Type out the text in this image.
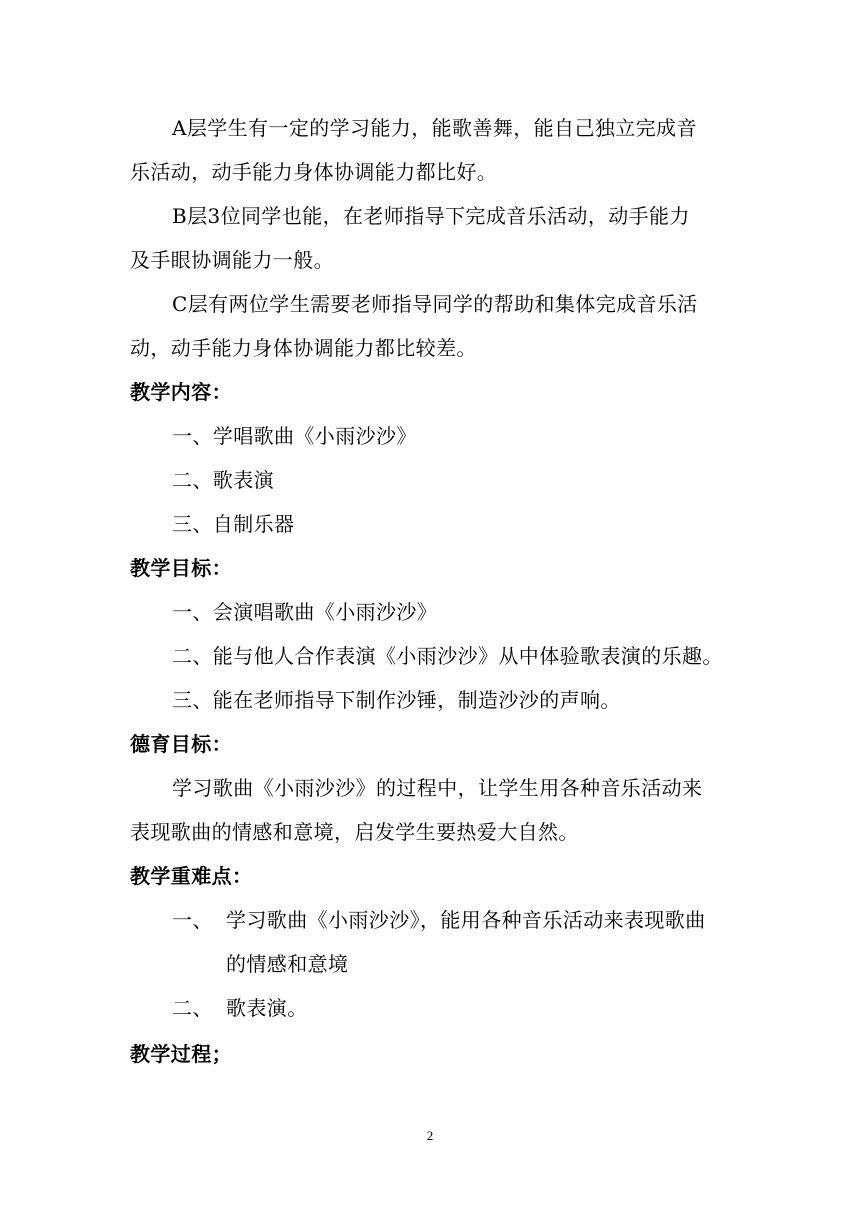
A层学生有一定的学习能力，能歌善舞，能自己独立完成音
乐活动，动手能力身体协调能力都比好。
B层3位同学也能，在老师指导下完成音乐活动，动手能力
及手眼协调能力一般。
C层有两位学生需要老师指导同学的帮助和集体完成音乐活
动，动手能力身体协调能力都比较差。
教学内容：
一、学唱歌曲《小雨沙沙》
二、歌表演
三、自制乐器
教学目标：
一、会演唱歌曲《小雨沙沙》
二、能与他人合作表演《小雨沙沙》从中体验歌表演的乐趣。
三、能在老师指导下制作沙锤，制造沙沙的声响。
德育目标：
学习歌曲《小雨沙沙》的过程中，让学生用各种音乐活动来
表现歌曲的情感和意境，启发学生要热爱大自然。
教学重难点：
一、 学习歌曲《小雨沙沙》，能用各种音乐活动来表现歌曲
的情感和意境
二、 歌表演。
教学过程；
2
